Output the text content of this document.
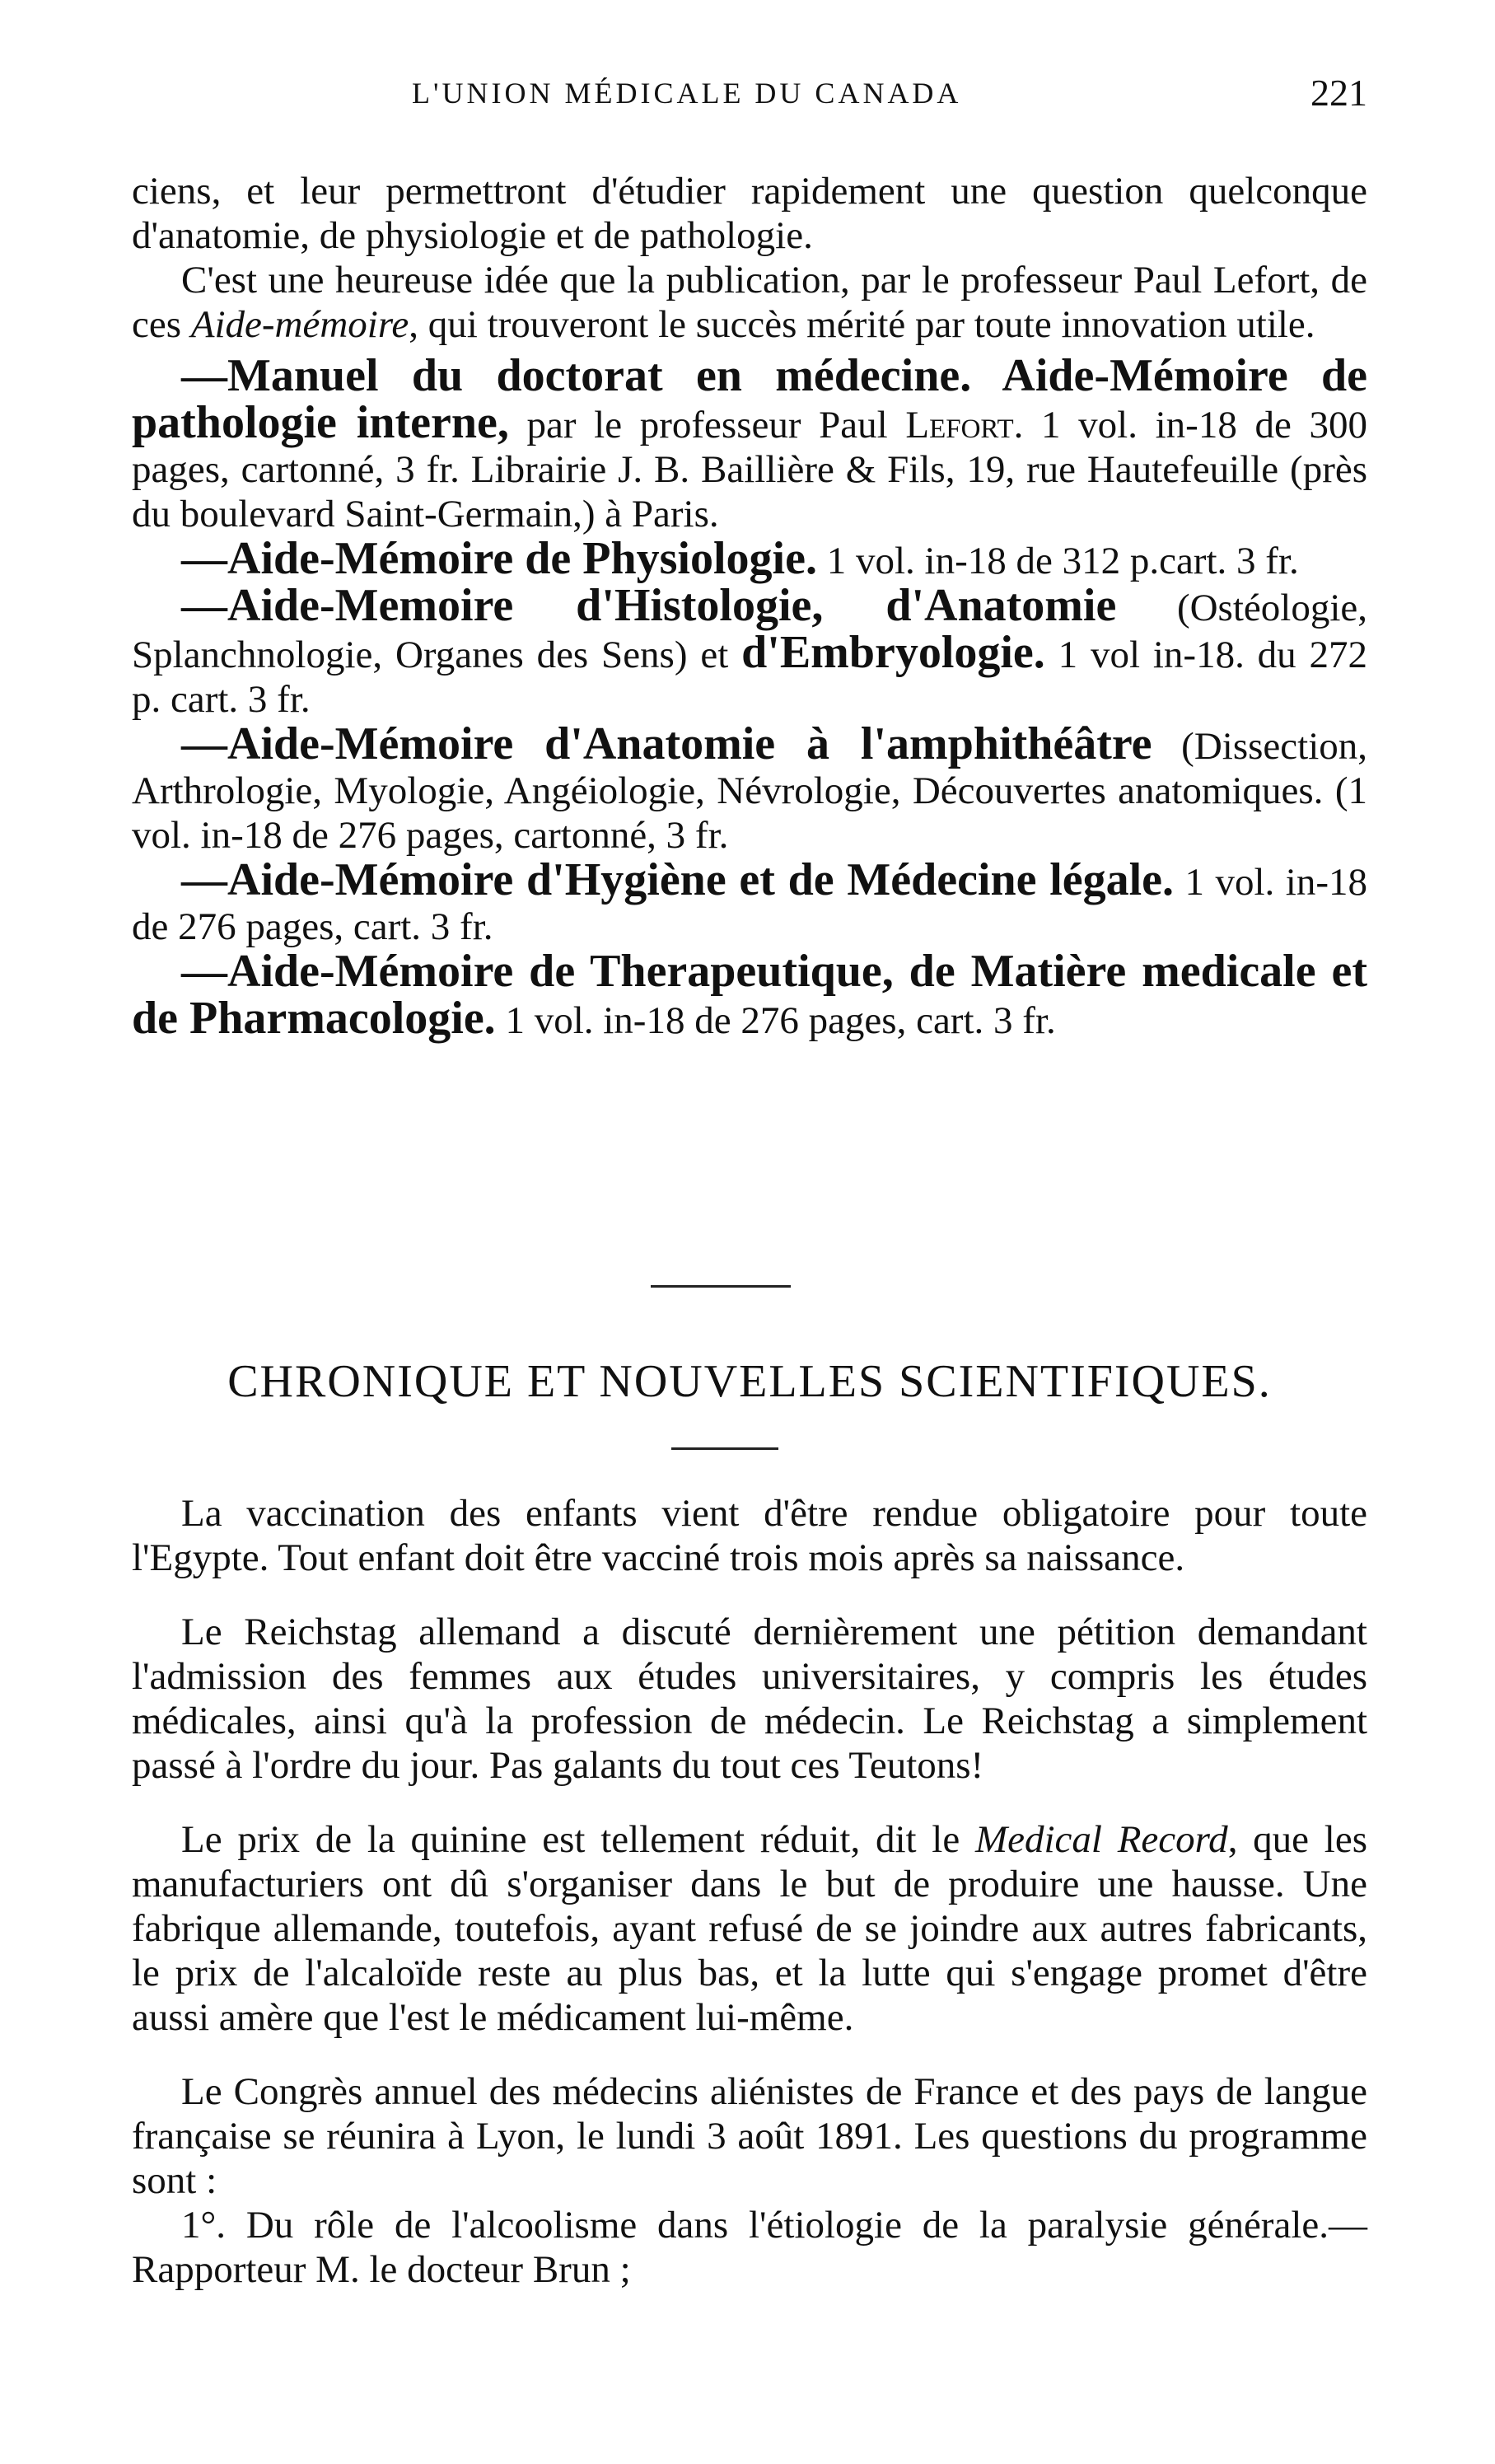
L'UNION MÉDICALE DU CANADA	221

ciens, et leur permettront d'étudier rapidement une question quelconque d'anatomie, de physiologie et de pathologie.

C'est une heureuse idée que la publication, par le professeur Paul Lefort, de ces Aide-mémoire, qui trouveront le succès mérité par toute innovation utile.

—Manuel du doctorat en médecine. Aide-Mémoire de pathologie interne, par le professeur Paul Lefort. 1 vol. in-18 de 300 pages, cartonné, 3 fr. Librairie J. B. Baillière & Fils, 19, rue Hautefeuille (près du boulevard Saint-Germain,) à Paris.

—Aide-Mémoire de Physiologie. 1 vol. in-18 de 312 p.cart. 3 fr.

—Aide-Memoire d'Histologie, d'Anatomie (Ostéologie, Splanchnologie, Organes des Sens) et d'Embryologie. 1 vol in-18. du 272 p. cart. 3 fr.

—Aide-Mémoire d'Anatomie à l'amphithéâtre (Dissection, Arthrologie, Myologie, Angéiologie, Névrologie, Découvertes anatomiques. (1 vol. in-18 de 276 pages, cartonné, 3 fr.

—Aide-Mémoire d'Hygiène et de Médecine légale. 1 vol. in-18 de 276 pages, cart. 3 fr.

—Aide-Mémoire de Therapeutique, de Matière medicale et de Pharmacologie. 1 vol. in-18 de 276 pages, cart. 3 fr.

CHRONIQUE ET NOUVELLES SCIENTIFIQUES.

La vaccination des enfants vient d'être rendue obligatoire pour toute l'Egypte. Tout enfant doit être vacciné trois mois après sa naissance.

Le Reichstag allemand a discuté dernièrement une pétition demandant l'admission des femmes aux études universitaires, y compris les études médicales, ainsi qu'à la profession de médecin. Le Reichstag a simplement passé à l'ordre du jour. Pas galants du tout ces Teutons!

Le prix de la quinine est tellement réduit, dit le Medical Record, que les manufacturiers ont dû s'organiser dans le but de produire une hausse. Une fabrique allemande, toutefois, ayant refusé de se joindre aux autres fabricants, le prix de l'alcaloïde reste au plus bas, et la lutte qui s'engage promet d'être aussi amère que l'est le médicament lui-même.

Le Congrès annuel des médecins aliénistes de France et des pays de langue française se réunira à Lyon, le lundi 3 août 1891. Les questions du programme sont :

1°. Du rôle de l'alcoolisme dans l'étiologie de la paralysie générale.—Rapporteur M. le docteur Brun ;
